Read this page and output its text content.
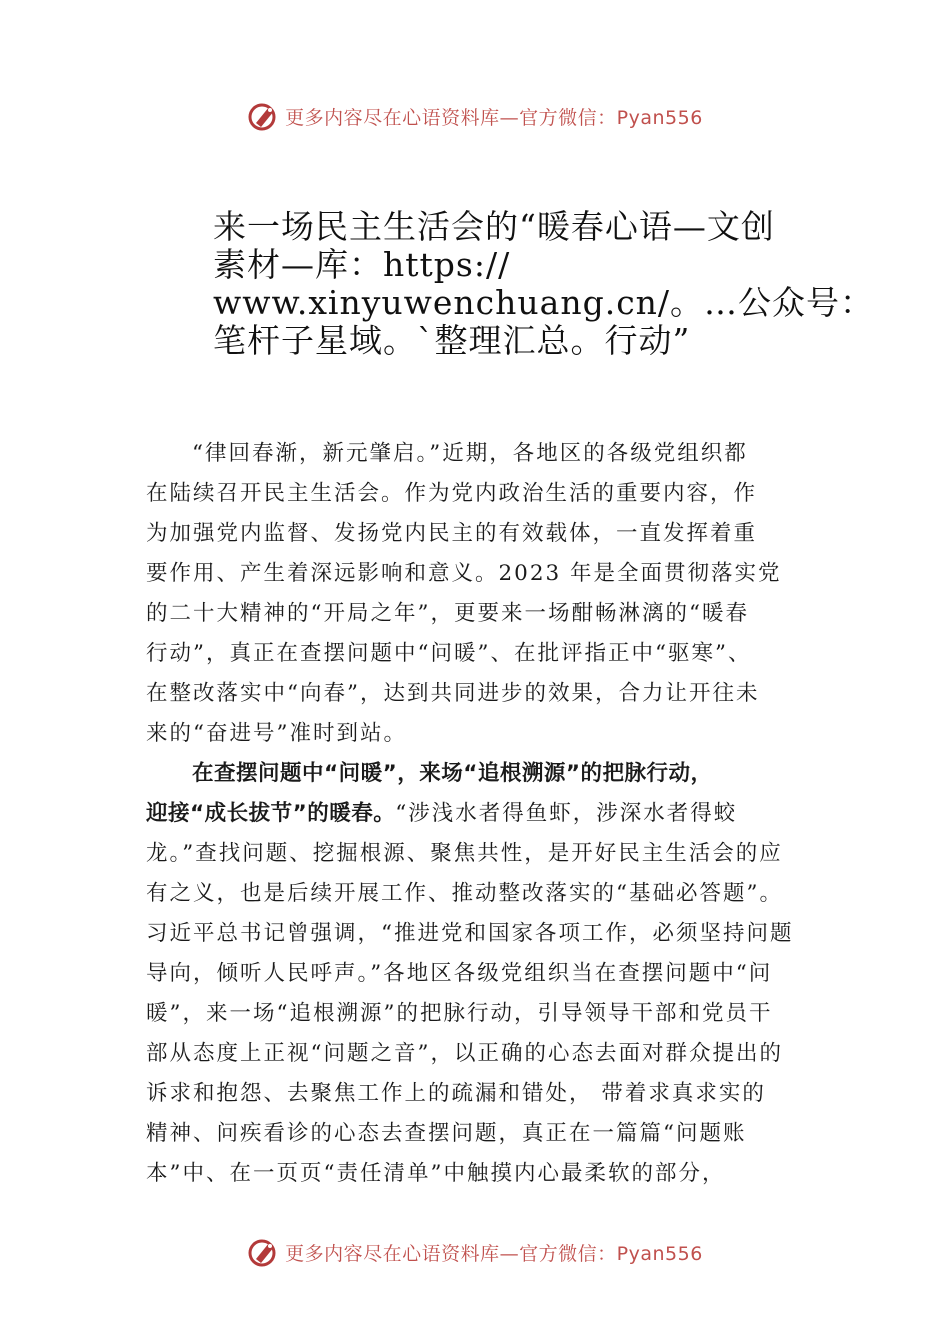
更多内容尽在心语资料库—官方微信：Pyan556
来一场民主生活会的“暖春心语—文创
素材—库：https://
www.xinyuwenchuang.cn/。…公众号：
笔杆子星域。`整理汇总。行动”
“律回春渐，新元肇启。”近期，各地区的各级党组织都
在陆续召开民主生活会。作为党内政治生活的重要内容，作
为加强党内监督、发扬党内民主的有效载体，一直发挥着重
要作用、产生着深远影响和意义。2023 年是全面贯彻落实党
的二十大精神的“开局之年”，更要来一场酣畅淋漓的“暖春
行动”，真正在查摆问题中“问暖”、在批评指正中“驱寒”、
在整改落实中“向春”，达到共同进步的效果，合力让开往未
来的“奋进号”准时到站。
在查摆问题中“问暖”，来场“追根溯源”的把脉行动，
迎接“成长拔节”的暖春。“涉浅水者得鱼虾，涉深水者得蛟
龙。”查找问题、挖掘根源、聚焦共性，是开好民主生活会的应
有之义，也是后续开展工作、推动整改落实的“基础必答题”。
习近平总书记曾强调，“推进党和国家各项工作，必须坚持问题
导向，倾听人民呼声。”各地区各级党组织当在查摆问题中“问
暖”，来一场“追根溯源”的把脉行动，引导领导干部和党员干
部从态度上正视“问题之音”，以正确的心态去面对群众提出的
诉求和抱怨、去聚焦工作上的疏漏和错处， 带着求真求实的
精神、问疾看诊的心态去查摆问题，真正在一篇篇“问题账
本”中、在一页页“责任清单”中触摸内心最柔软的部分，
更多内容尽在心语资料库—官方微信：Pyan556
